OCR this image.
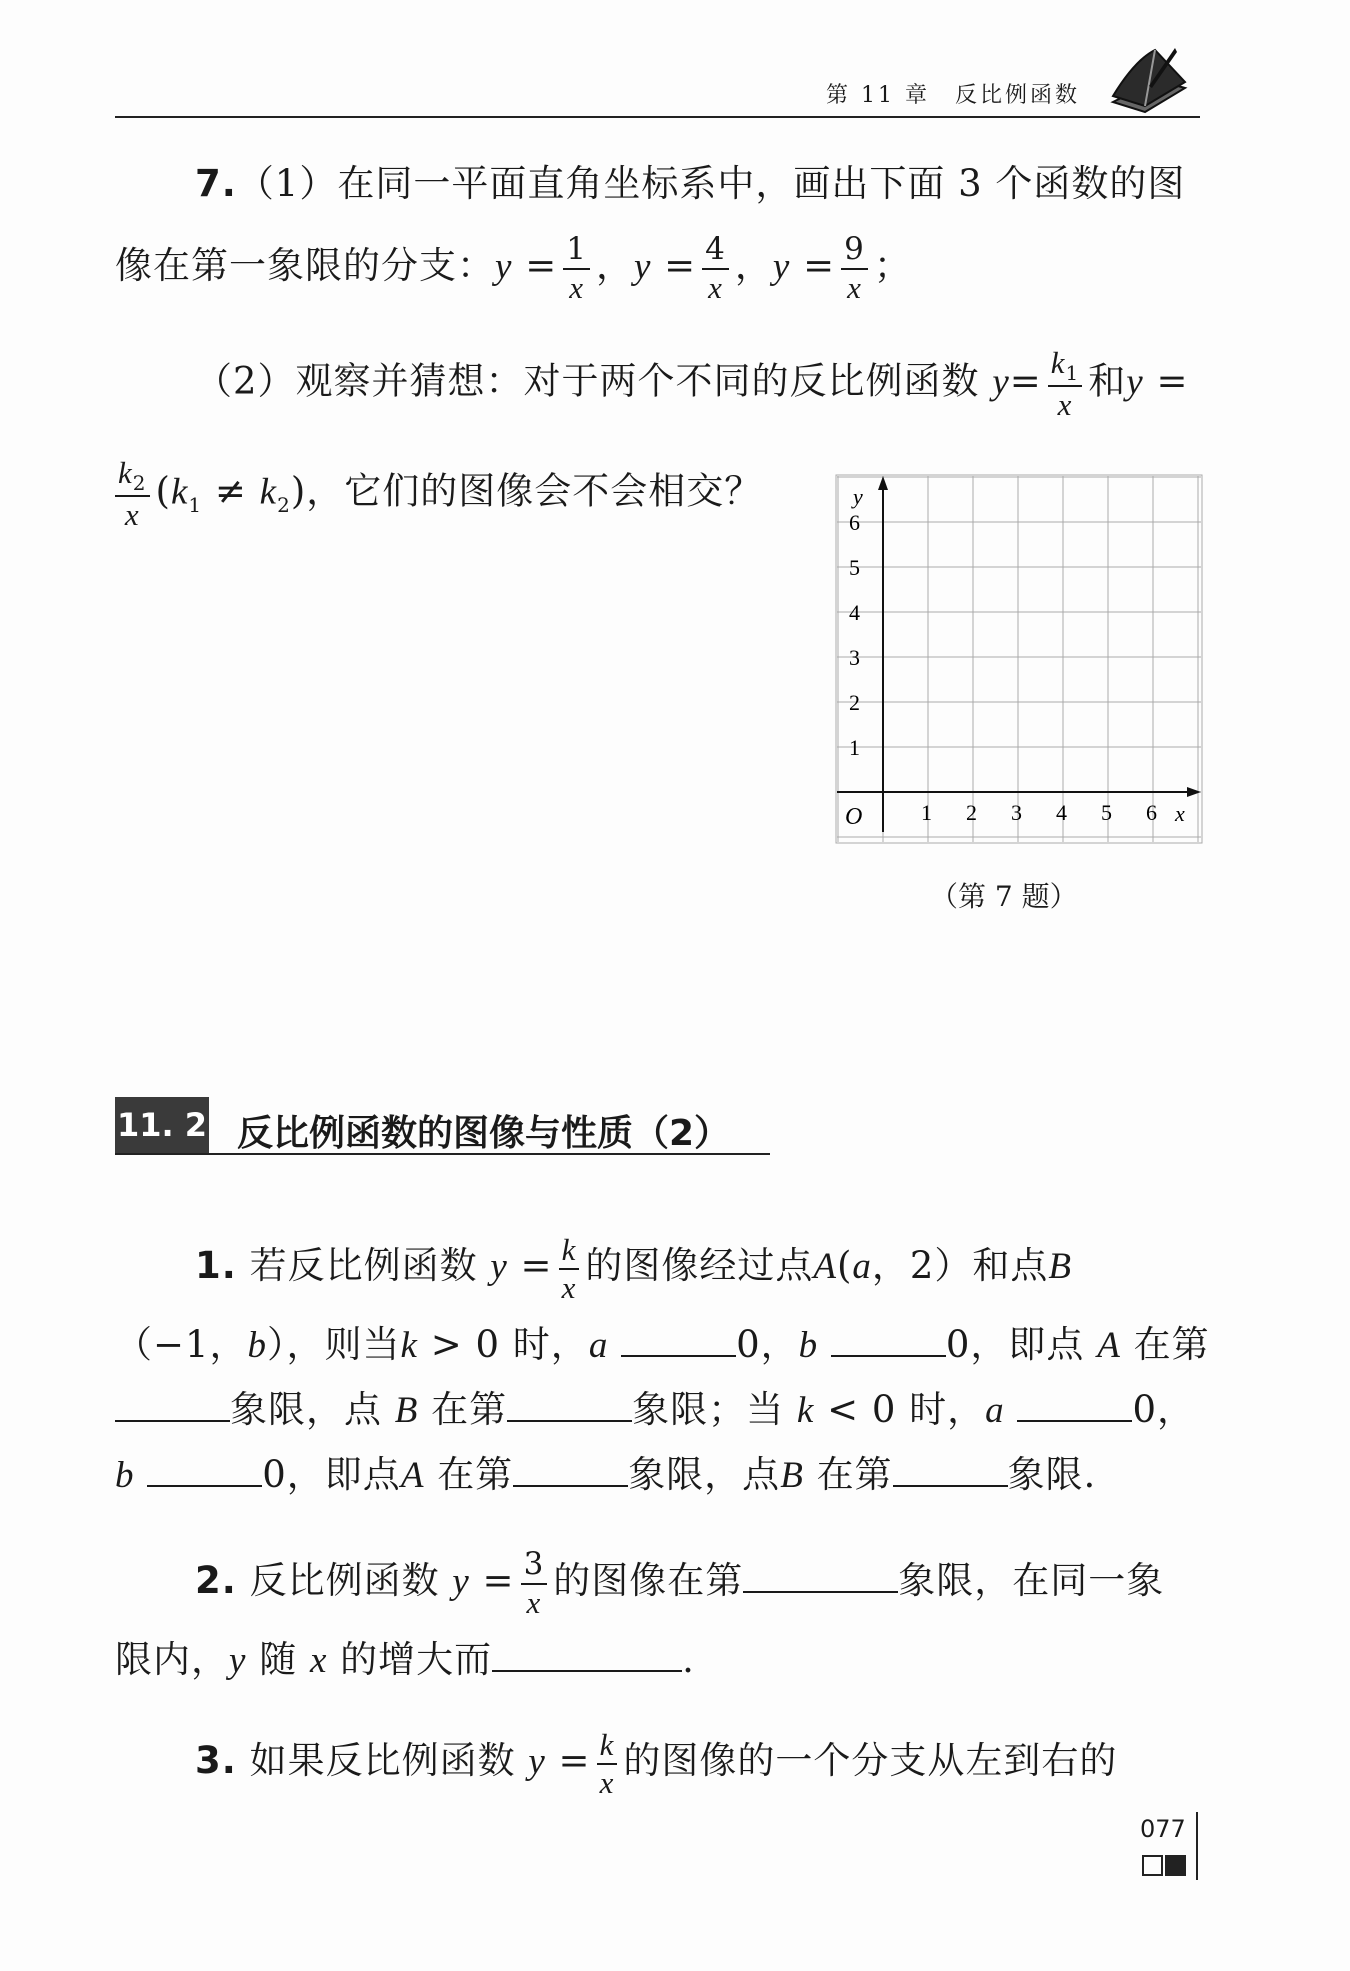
第 11 章　反比例函数
7.（1）在同一平面直角坐标系中，画出下面 3 个函数的图
像在第一象限的分支：$y = \frac{1}{x}$ ，$y = \frac{4}{x}$ ，$y = \frac{9}{x}$ ；
（2）观察并猜想：对于两个不同的反比例函数 $y= \frac{k_1}{x}$ 和y =
$\frac{k_2}{x} (k_1 \ne k_2)$，它们的图像会不会相交？	y
x
O	1 2 3 4 5 6
1
2
3
4
5
6
（第 7 题）
11. 2 反比例函数的图像与性质（2）
1. 若反比例函数 $y = \frac{k}{x}$ 的图像经过点A(a，2）和点B
（−1，b），则当k > 0 时，a	0，b	0，即点 A 在第
象限，点 B 在第	象限；当 k < 0 时，a	0，
b	0，即点A 在第	象限，点B 在第	象限.
2. 反比例函数 $y = \frac{3}{x}$ 的图像在第	象限，在同一象
限内，y 随 x 的增大而	.
3. 如果反比例函数 $y = \frac{k}{x}$ 的图像的一个分支从左到右的
077
